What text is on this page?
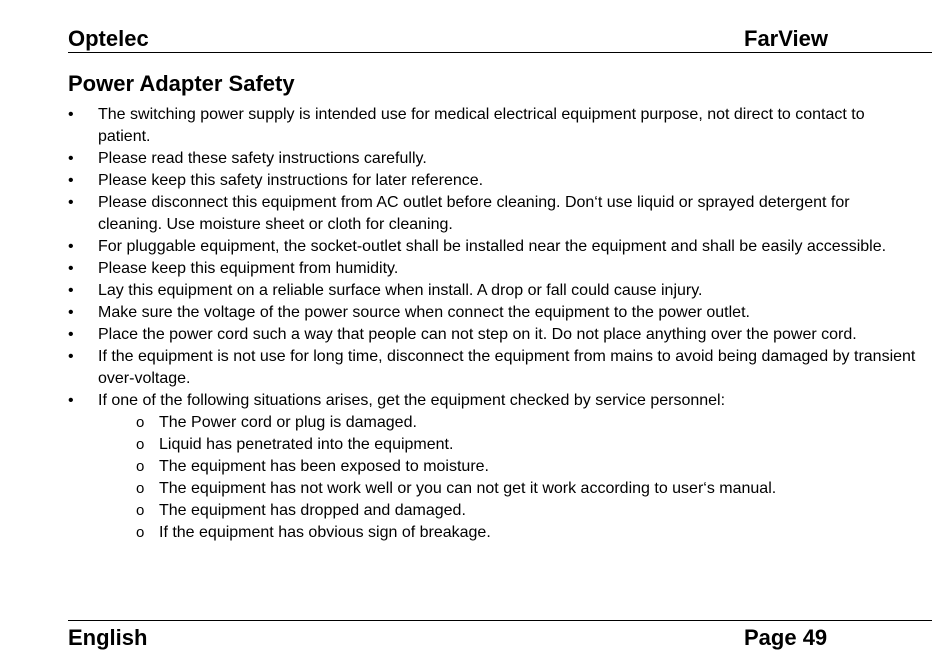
Optelec	FarView
Power Adapter Safety
• The switching power supply is intended use for medical electrical equipment purpose, not direct to contact to patient.
• Please read these safety instructions carefully.
• Please keep this safety instructions for later reference.
• Please disconnect this equipment from AC outlet before cleaning. Don‘t use liquid or sprayed detergent for cleaning. Use moisture sheet or cloth for cleaning.
• For pluggable equipment, the socket-outlet shall be installed near the equipment and shall be easily accessible.
• Please keep this equipment from humidity.
• Lay this equipment on a reliable surface when install. A drop or fall could cause injury.
• Make sure the voltage of the power source when connect the equipment to the power outlet.
• Place the power cord such a way that people can not step on it. Do not place anything over the power cord.
• If the equipment is not use for long time, disconnect the equipment from mains to avoid being damaged by transient over-voltage.
• If one of the following situations arises, get the equipment checked by service personnel:
o The Power cord or plug is damaged.
o Liquid has penetrated into the equipment.
o The equipment has been exposed to moisture.
o The equipment has not work well or you can not get it work according to user‘s manual.
o The equipment has dropped and damaged.
o If the equipment has obvious sign of breakage.
English	Page 49
